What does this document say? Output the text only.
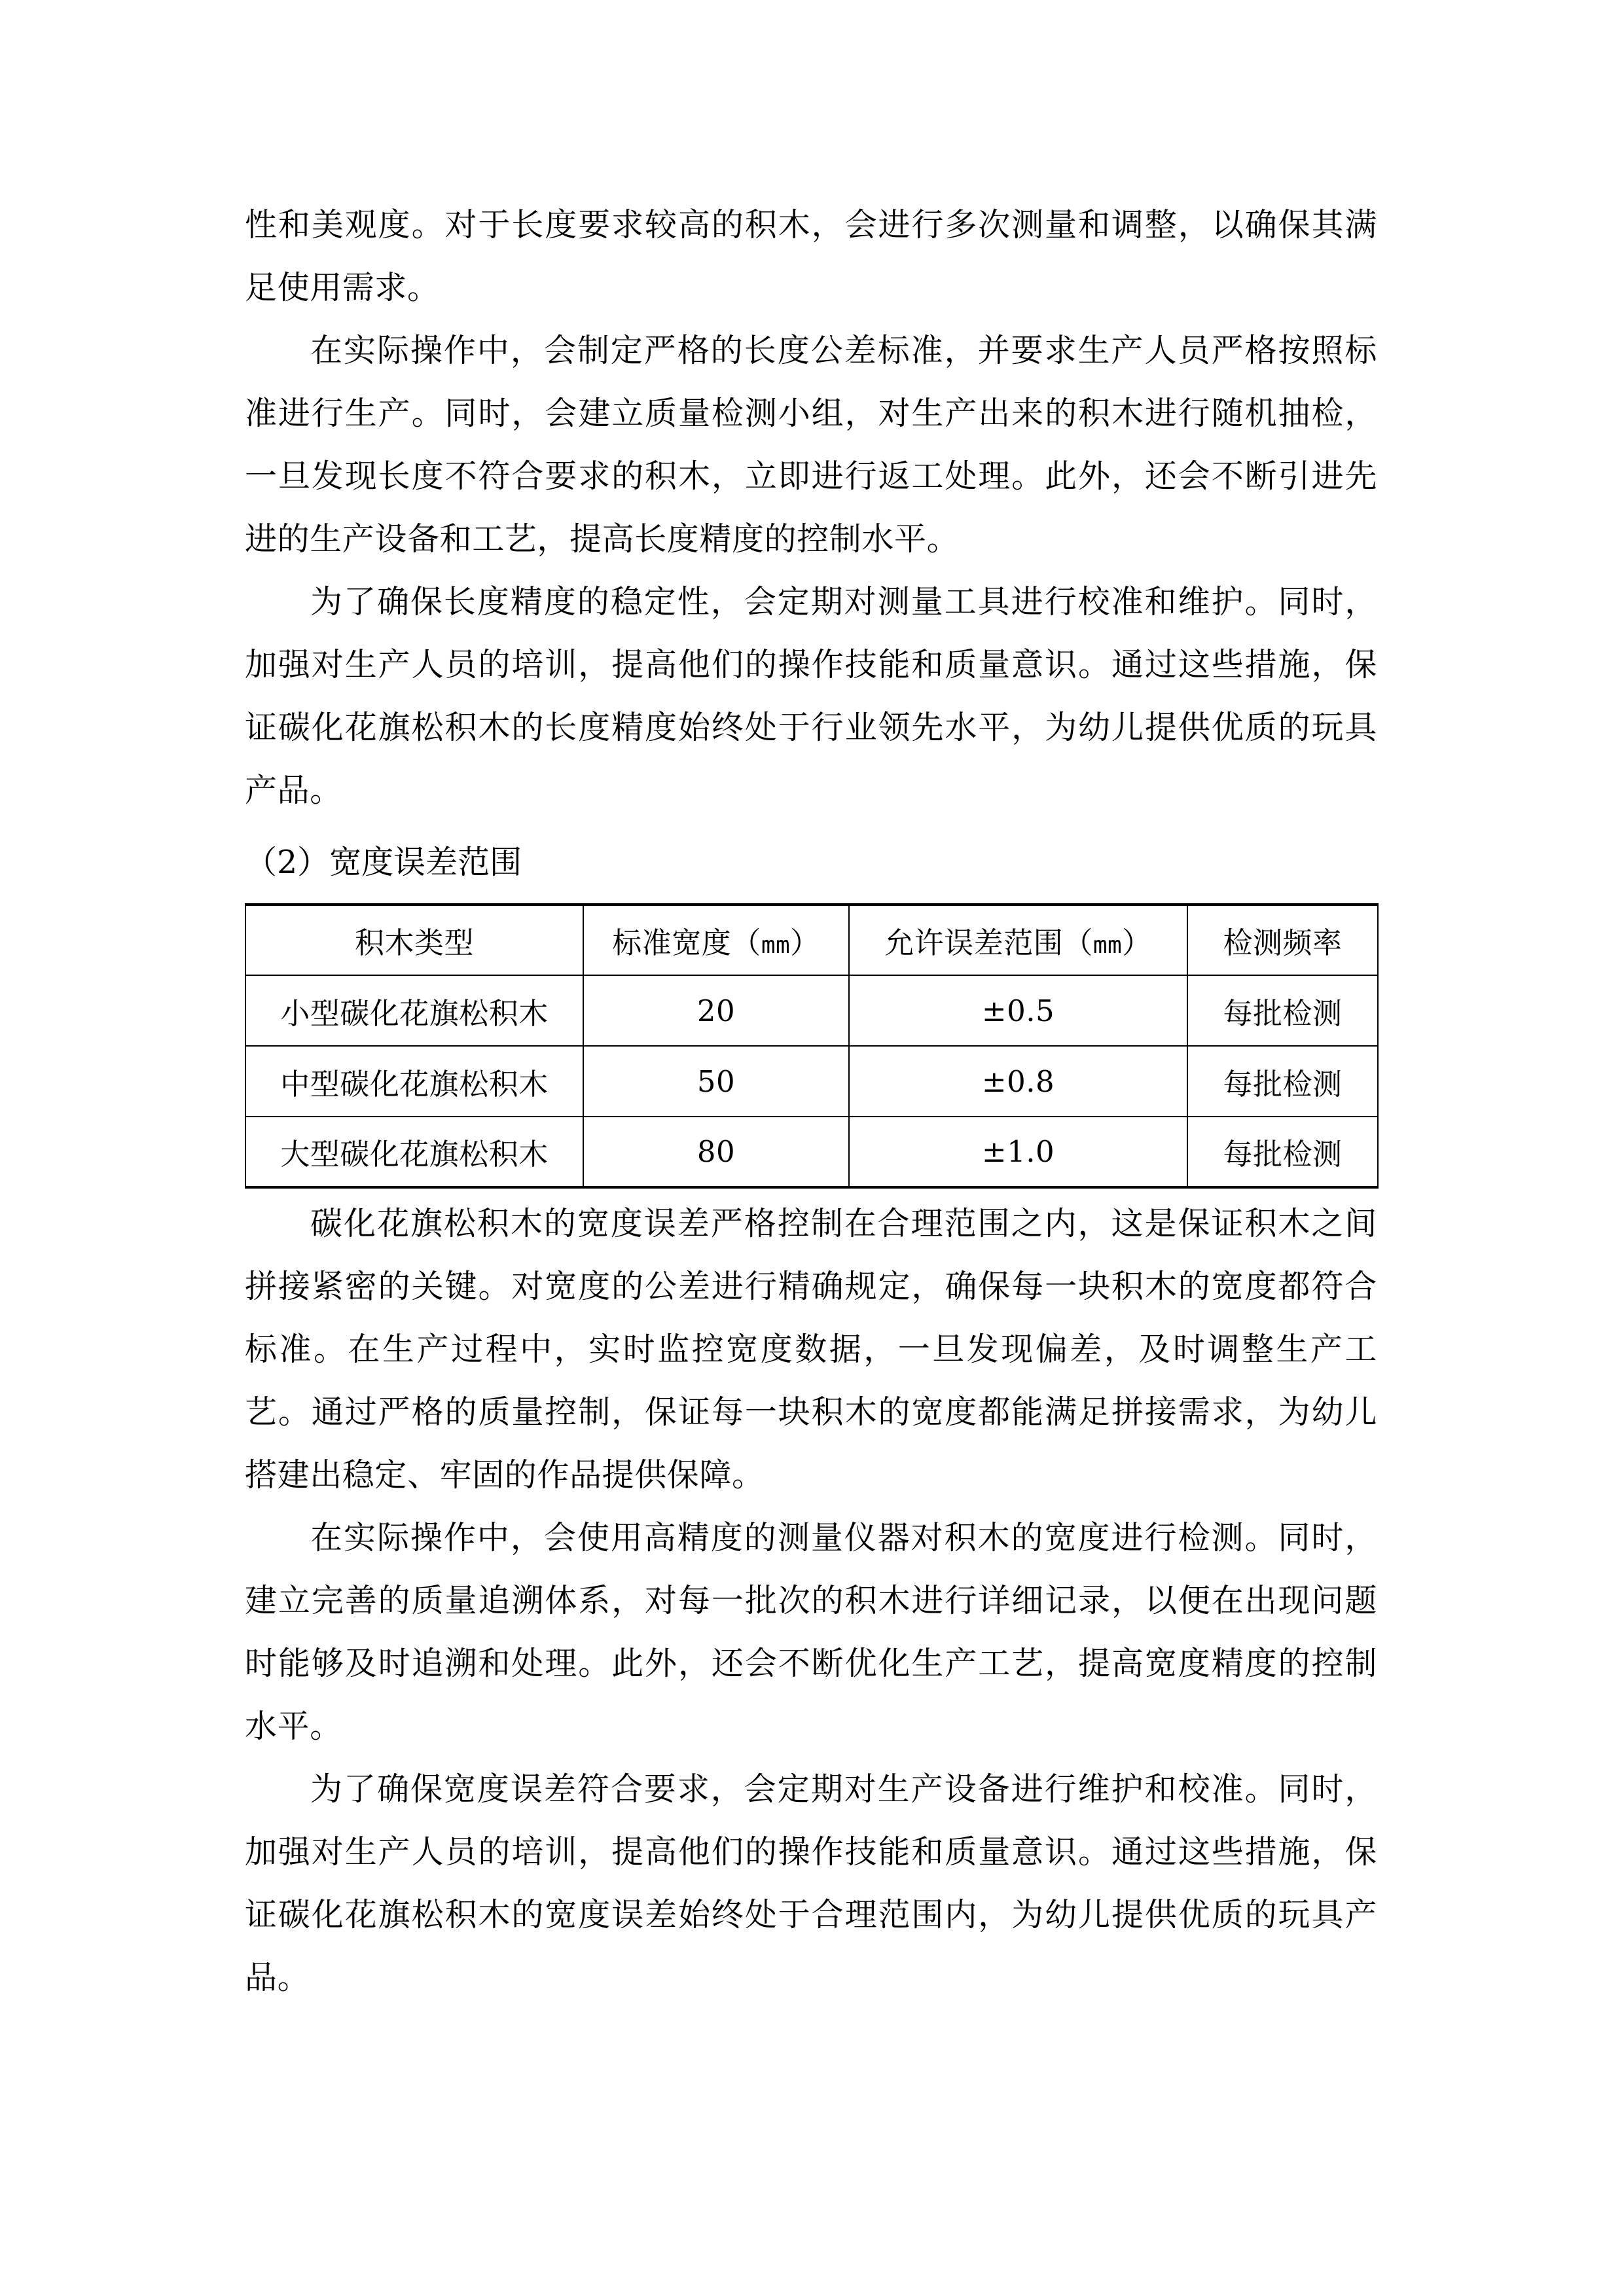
性和美观度。对于长度要求较高的积木，会进行多次测量和调整，以确保其满足使用需求。

在实际操作中，会制定严格的长度公差标准，并要求生产人员严格按照标准进行生产。同时，会建立质量检测小组，对生产出来的积木进行随机抽检，一旦发现长度不符合要求的积木，立即进行返工处理。此外，还会不断引进先进的生产设备和工艺，提高长度精度的控制水平。

为了确保长度精度的稳定性，会定期对测量工具进行校准和维护。同时，加强对生产人员的培训，提高他们的操作技能和质量意识。通过这些措施，保证碳化花旗松积木的长度精度始终处于行业领先水平，为幼儿提供优质的玩具产品。

（2）宽度误差范围

积木类型	标准宽度（mm）	允许误差范围（mm）	检测频率
小型碳化花旗松积木	20	±0.5	每批检测
中型碳化花旗松积木	50	±0.8	每批检测
大型碳化花旗松积木	80	±1.0	每批检测

碳化花旗松积木的宽度误差严格控制在合理范围之内，这是保证积木之间拼接紧密的关键。对宽度的公差进行精确规定，确保每一块积木的宽度都符合标准。在生产过程中，实时监控宽度数据，一旦发现偏差，及时调整生产工艺。通过严格的质量控制，保证每一块积木的宽度都能满足拼接需求，为幼儿搭建出稳定、牢固的作品提供保障。

在实际操作中，会使用高精度的测量仪器对积木的宽度进行检测。同时，建立完善的质量追溯体系，对每一批次的积木进行详细记录，以便在出现问题时能够及时追溯和处理。此外，还会不断优化生产工艺，提高宽度精度的控制水平。

为了确保宽度误差符合要求，会定期对生产设备进行维护和校准。同时，加强对生产人员的培训，提高他们的操作技能和质量意识。通过这些措施，保证碳化花旗松积木的宽度误差始终处于合理范围内，为幼儿提供优质的玩具产品。
